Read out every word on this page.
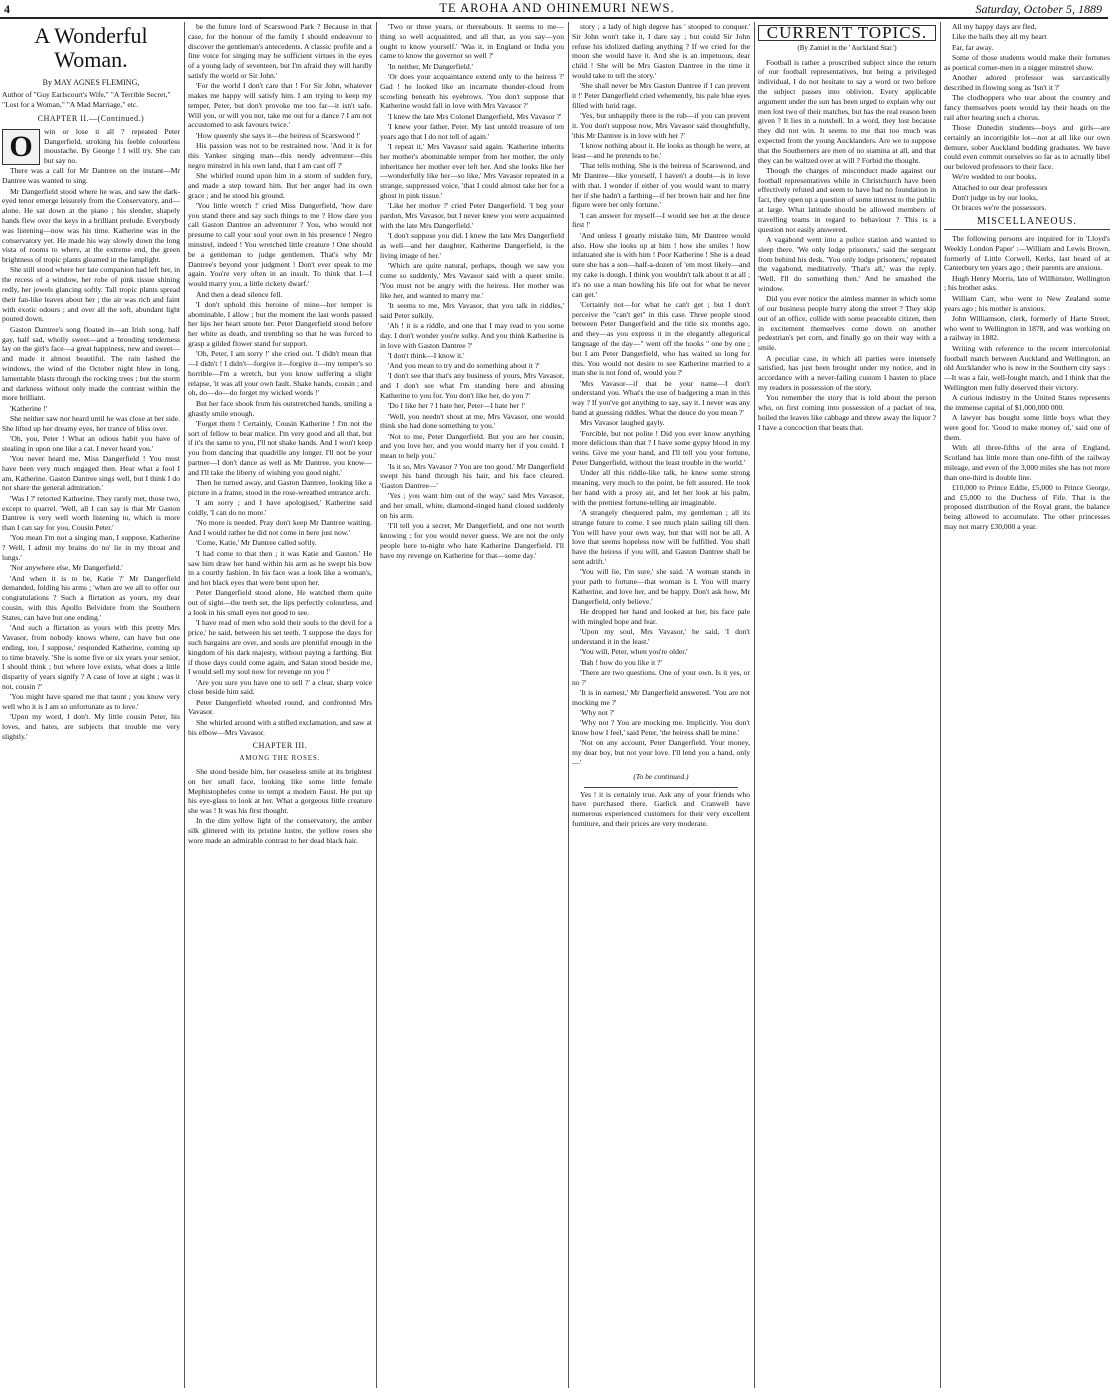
4	TE AROHA AND OHINEMURI NEWS.	Saturday, October 5, 1889
A Wonderful Woman.
By MAY AGNES FLEMING,
Author of "Guy Earlscourt's Wife," "A Terrible Secret," "Lost for a Woman," "A Mad Marriage," etc.
CHAPTER II.—(Continued.)
O	win or lose it all ? repeated Peter Dangerfield, stroking his feeble colourless moustache. By George ! I will try. She can but say no.

There was a call for Mr Dantree on the instant—Mr Dantree was wanted to sing.

Mr Dangerfield stood where he was, and saw the dark-eyed tenor emerge leisurely from the Conservatory, and—alone. He sat down at the piano ; his slender, shapely hands flew over the keys in a brilliant prelude. Everybody was listening—now was his time. Katherine was in the conservatory yet. He made his way slowly down the long vista of rooms to where, at the extreme end, the green brightness of tropic plants gleamed in the lamplight.

She still stood where her late companion had left her, in the recess of a window, her robe of pink tissue shining redly, her jewels glancing softly. Tall tropic plants spread their fan-like leaves about her ; the air was rich and faint with exotic odours ; and over all the soft, abundant light poured down.

Gaston Dantree's song floated in—an Irish song, half gay, half sad, wholly sweet—and a brooding tenderness lay on the girl's face—a great happiness, new and sweet—and made it almost beautiful. The rain lashed the windows, the wind of the October night blew in long, lamentable blasts through the rocking trees ; but the storm and darkness without only made the contrast within the more brilliant.

'Katherine !'

She neither saw nor heard until he was close at her side. She lifted up her dreamy eyes, her trance of bliss over.

'Oh, you, Peter ! What an odious habit you have of stealing in upon one like a cat. I never heard you.'

'You never heard me, Miss Dangerfield ! You must have been very much engaged then. Hear what a fool I am, Katherine. Gaston Dantree sings well, but I think I do not share the general admiration.'

'Was I ?' retorted Katherine. They rarely met, those two, except to quarrel. 'Well, all I can say is that Mr Gaston Dantree is very well worth listening to, which is more than I can say for you, Cousin Peter.'

'You mean I'm not a singing man, I suppose, Katherine ? Well, I admit my brains do no' lie in my throat and lungs.'

'Nor anywhere else, Mr Dangerfield.'

'And when it is to be, Katie ?' Mr Dangerfield demanded, folding his arms ; 'when are we all to offer our congratulations ? Such a flirtation as yours, my dear cousin, with this Apollo Belvidere from the Southern States, can have but one ending.'

'And such a flirtation as yours with this pretty Mrs Vavasor, from nobody knows where, can have but one ending, too, I suppose,' responded Katherine, coming up to time bravely. 'She is some five or six years your senior, I should think ; but where love exists, what does a little disparity of years signify ? A case of love at sight ; was it not, cousin ?'

'You might have spared me that taunt ; you know very well who it is I am so unfortunate as to love.'

'Upon my word, I don't. My little cousin Peter, his loves, and hates, are subjects that trouble me very slightly.'

be the future lord of Scarswood Park ? Because in that case, for the honour of the family I should endeavour to discover the gentleman's antecedents. A classic profile and a fine voice for singing may be sufficient virtues in the eyes of a young lady of seventeen, but I'm afraid they will hardly satisfy the world or Sir John.'

'For the world I don't care that ! For Sir John, whatever makes me happy will satisfy him. I am trying to keep my temper, Peter, but don't provoke me too far—it isn't safe. Will you, or will you not, take me out for a dance ? I am not accustomed to ask favours twice.'

'How queenly she says it—the heiress of Scarswood !'

His passion was not to be restrained now. 'And it is for this Yankee singing man—this needy adventurer—this negro minstrel in his own land, that I am cast off ?'

She whirled round upon him in a storm of sudden fury, and made a step toward him. But her anger had its own grace ; and he stood his ground.

'You little wretch !' cried Miss Dangerfield, 'how dare you stand there and say such things to me ? How dare you call Gaston Dantree an adventurer ? You, who would not presume to call your soul your own in his presence ! Negro minstrel, indeed ! You wretched little creature ! One should be a gentleman to judge gentlemen. That's why Mr Dantree's beyond your judgment ! Don't ever speak to me again. You're very often in an insult. To think that I—I would marry you, a little rickety dwarf.'

And then a dead silence fell.

'I don't uphold this heroine of mine—her temper is abominable, I allow ; but the moment the last words passed her lips her heart smote her. Peter Dangerfield stood before her white as death, and trembling so that he was forced to grasp a gilded flower stand for support.

'Oh, Peter, I am sorry !' she cried out. 'I didn't mean that—I didn't ! I didn't—forgive it—forgive it—my temper's so horrible—I'm a wretch, but you know suffering a slight relapse, 'it was all your own fault. Shake hands, cousin ; and oh, do—do—do forget my wicked words !'

But her face shook from his outstretched hands, smiling a ghastly smile enough.

'Forget them ! Certainly, Cousin Katherine ! I'm not the sort of fellow to bear malice. I'm very good and all that, but if it's the same to you, I'll not shake hands. And I won't keep you from dancing that quadrille any longer. I'll not be your partner—I don't dance as well as Mr Dantree, you know—and I'll take the liberty of wishing you good night.'

Then he turned away, and Gaston Dantree, looking like a picture in a frame, stood in the rose-wreathed entrance arch.

'I am sorry ; and I have apologised,' Katherine said coldly, 'I can do no more.'

'No more is needed. Pray don't keep Mr Dantree waiting. And I would rather he did not come in here just now.'

'Come, Katie,' Mr Dantree called softly.

'I had come to that then ; it was Katie and Gaston.' He saw him draw her hand within his arm as he swept his bow in a courtly fashion. In his face was a look like a woman's, and hot black eyes that were bent upon her.

Peter Dangerfield stood alone, He watched them quite out of sight—the teeth set, the lips perfectly colourless, and a look in his small eyes not good to see.

'I have read of men who sold their souls to the devil for a price,' he said, between his set teeth. 'I suppose the days for such bargains are over, and souls are plentiful enough in the kingdom of his dark majesty, without paying a farthing. But if those days could come again, and Satan stood beside me, I would sell my soul now for revenge on you !'

'Are you sure you have one to sell ?' a clear, sharp voice close beside him said.

Peter Dangerfield wheeled round, and confronted Mrs Vavasor.

She whirled around with a stifled exclamation, and saw at his elbow—Mrs Vavasor.

CHAPTER III.
AMONG THE ROSES.

She stood beside him, her ceaseless smile at its brightest on her small face, looking like some little female Mephistopheles come to tempt a modern Faust. He put up his eye-glass to look at her. What a gorgeous little creature she was ! It was his first thought.

In the dim yellow light of the conservatory, the amber silk glittered with its pristine lustre, the yellow roses she wore made an admirable contrast to her dead black hair.

'Two or three years, or thereabouts. It seems to me—thing so well acquainted, and all that, as you say—you ought to know yourself.' 'Was it, in England or India you came to know the governor so well ?'

'In neither, Mr Dangerfield.'

'Or does your acquaintance extend only to the heiress ?' Gad ! he looked like an incarnate thunder-cloud from scowling beneath his eyebrows. 'You don't suppose that Katherine would fall in love with Mrs Vavasor ?'

'I knew the late Mrs Colonel Dangerfield, Mrs Vavasor ?'

'I knew your father, Peter. My last untold treasure of ten years ago that I do not tell of again.'

'I repeat it,' Mrs Vavasor said again. 'Katherine inherits her mother's abominable temper from her mother, the only inheritance her mother ever left her. And she looks like her—wonderfully like her—so like,' Mrs Vavasor repeated in a strange, suppressed voice, 'that I could almost take her for a ghost in pink tissue.'

'Like her mother ?' cried Peter Dangerfield. 'I beg your pardon, Mrs Vavasor, but I never knew you were acquainted with the late Mrs Dangerfield.'

'I don't suppose you did. I knew the late Mrs Dangerfield as well—and her daughter, Katherine Dangerfield, is the living image of her.'

'Which are quite natural, perhaps, though we saw you come so suddenly,' Mrs Vavasor said with a queer smile. 'You must not be angry with the heiress. Her mother was like her, and wanted to marry me.'

'It seems to me, Mrs Vavasor, that you talk in riddles,' said Peter sulkily.

'Ah ! it is a riddle, and one that I may read to you some day. I don't wonder you're sulky. And you think Katherine is in love with Gaston Dantree ?'

'I don't think—I know it.'

'And you mean to try and do something about it ?'

'I don't see that that's any business of yours, Mrs Vavasor, and I don't see what I'm standing here and abusing Katherine to you for. You don't like her, do you ?'

'Do I like her ? I hate her, Peter—I hate her !'

'Well, you needn't shout at me, Mrs Vavasor, one would think she had done something to you.'

'Not to me, Peter Dangerfield. But you are her cousin, and you love her, and you would marry her if you could. I mean to help you.'

'Is it so, Mrs Vavasor ? You are too good.' Mr Dangerfield swept his hand through his hair, and his face cleared. 'Gaston Dantree—'

'Yes ; you want him out of the way,' said Mrs Vavasor, and her small, white, diamond-ringed hand closed suddenly on his arm.

'I'll tell you a secret, Mr Dangerfield, and one not worth knowing ; for you would never guess. We are not the only people here to-night who hate Katherine Dangerfield. I'll have my revenge on Katherine for that—some day.'

story ; a lady of high degree has ' stooped to conquer.' Sir John won't take it, I dare say ; but could Sir John refuse his idolized darling anything ? If we cried for the moon she would have it. And she is an impetuous, dear child ! She will be Mrs Gaston Dantree in the time it would take to tell the story.'

'She shall never be Mrs Gaston Dantree if I can prevent it !' Peter Dangerfield cried vehemently, his pale blue eyes filled with lurid rage.

'Yes, but unhappily there is the rub—if you can prevent it. You don't suppose now, Mrs Vavasor said thoughtfully, 'this Mr Dantree is in love with her ?'

'I know nothing about it. He looks as though he were, at least—and he pretends to be.'

'That tells nothing. She is the heiress of Scarswood, and Mr Dantree—like yourself, I haven't a doubt—is in love with that. I wonder if either of you would want to marry her if she hadn't a farthing—if her brown hair and her fine figure were her only fortune.'

'I can answer for myself—I would see her at the deuce first !'

'And unless I greatly mistake him, Mr Dantree would also. How she looks up at him ! how she smiles ! how infatuated she is with him ! Poor Katherine ! She is a dead sure she has a son—half-a-dozen of 'em most likely—and my cake is dough. I think you wouldn't talk about it at all ; it's no use a man howling his life out for what he never can get.'

'Certainly not—for what he can't get ; but I don't perceive the "can't get" in this case. Three people stood between Peter Dangerfield and the title six months ago, and they—as you express it in the elegantly allegorical language of the day—" went off the hooks " one by one ; but I am Peter Dangerfield, who has waited so long for this. You would not desire to see Katherine married to a man she is not fond of, would you ?'

'Mrs Vavasor—if that be your name—I don't understand you. What's the use of badgering a man in this way ? If you've got anything to say, say it. I never was any hand at guessing riddles. What the deuce do you mean ?'

Mrs Vavasor laughed gayly.

'Forcible, but not polite ! Did you ever know anything more delicious than that ? I have some gypsy blood in my veins. Give me your hand, and I'll tell you your fortune, Peter Dangerfield, without the least trouble in the world.'

Under all this riddle-like talk, he knew some strong meaning, very much to the point, he felt assured. He took her hand with a prosy air, and let her look at his palm, with the prettiest fortune-telling air imaginable.

'A strangely chequered palm, my gentleman ; all its strange future to come. I see much plain sailing till then. You will have your own way, but that will not be all. A love that seems hopeless now will be fulfilled. You shall have the heiress if you will, and Gaston Dantree shall be sent adrift.'

'You will lie, I'm sure,' she said. 'A woman stands in your path to fortune—that woman is I. You will marry Katherine, and love her, and be happy. Don't ask how, Mr Dangerfield, only believe.'

He dropped her hand and looked at her, his face pale with mingled hope and fear.

'Upon my soul, Mrs Vavasor,' he said, 'I don't understand it in the least.'

'You will, Peter, when you're older.'

'Bah ! how do you like it ?'

'There are two questions. One of your own. Is it yes, or no ?'

'It is in earnest,' Mr Dangerfield answered. 'You are not mocking me ?'

'Why not ?'

'Why not ? You are mocking me. Implicitly. You don't know how I feel,' said Peter, 'the heiress shall be mine.'

'Not on any account, Peter Dangerfield. Your money, my dear boy, but not your love. I'll lend you a hand, only—'

(To be continued.)

Yes ! it is certainly true. Ask any of your friends who have purchased there. Garlick and Cranwell have numerous experienced customers for their very excellent furniture, and their prices are very moderate.

CURRENT TOPICS.
(By Zamiel in the ' Auckland Star.')

Football is rather a proscribed subject since the return of our football representatives, but being a privileged individual, I do not hesitate to say a word or two before the subject passes into oblivion. Every applicable argument under the sun has been urged to explain why our men lost two of their matches, but has the real reason been given ? It lies in a nutshell. In a word, they lost because they did not win. It seems to me that too much was expected from the young Aucklanders. Are we to suppose that the Southerners are men of no stamina at all, and that they can be waltzed over at will ? Forbid the thought.

Though the charges of misconduct made against our football representatives while in Christchurch have been effectively refuted and seem to have had no foundation in fact, they open up a question of some interest to the public at large. What latitude should be allowed members of travelling teams in regard to behaviour ? This is a question not easily answered.

A vagabond went into a police station and wanted to sleep there. 'We only lodge prisoners,' said the sergeant from behind his desk. 'You only lodge prisoners,' repeated the vagabond, meditatively. 'That's all,' was the reply. 'Well, I'll do something then.' And he smashed the window.

Did you ever notice the aimless manner in which some of our business people hurry along the street ? They skip out of an office, collide with some peaceable citizen, then in excitement themselves come down on another pedestrian's pet corn, and finally go on their way with a smile.

A peculiar case, in which all parties were intensely satisfied, has just been brought under my notice, and in accordance with a never-failing custom I hasten to place my readers in possession of the story.

You remember the story that is told about the person who, on first coming into possession of a packet of tea, boiled the leaves like cabbage and threw away the liquor ? I have a concoction that beats that.

All my happy days are fled,

Like the halls they all my heart

Far, far away.

Some of those students would make their fortunes as poetical corner-men in a nigger minstrel show.

Another adored professor was sarcastically described in flowing song as 'Isn't it ?'

The clodhoppers who tear about the country and fancy themselves poets would lay their heads on the rail after hearing such a chorus.

Those Dunedin students—boys and girls—are certainly an incorrigible lot—not at all like our own demure, sober Auckland budding graduates. We have could even commit ourselves so far as to actually libel our beloved professors to their face.

We're wedded to our books,

Attached to our dear professors

Don't judge us by our looks,

Or braces we're the possessors.

MISCELLANEOUS.

The following persons are inquired for in 'Lloyd's Weekly London Paper' :—William and Lewis Brown, formerly of Little Corwell, Kerks, last heard of at Canterbury ten years ago ; their parents are anxious.

Hugh Henry Morris, late of Willhinster, Wellington ; his brother asks.

William Carr, who went to New Zealand some years ago ; his mother is anxious.

John Williamson, clerk, formerly of Harte Street, who went to Wellington in 1878, and was working on a railway in 1882.

Writing with reference to the recent intercolonial football match between Auckland and Wellington, an old Aucklander who is now in the Southern city says :—It was a fair, well-fought match, and I think that the Wellington men fully deserved their victory.

A curious industry in the United States represents the immense capital of $1,000,000 000.

A lawyer has bought some little boys what they were good for. 'Good to make money of,' said one of them.

With all three-fifths of the area of England, Scotland has little more than one-fifth of the railway mileage, and even of the 3,000 miles she has not more than one-third is double line.

£10,000 to Prince Eddie, £5,000 to Prince George, and £5,000 to the Duchess of Fife. That is the proposed distribution of the Royal grant, the balance being allowed to accumulate. The other princesses may not marry £30,000 a year.
